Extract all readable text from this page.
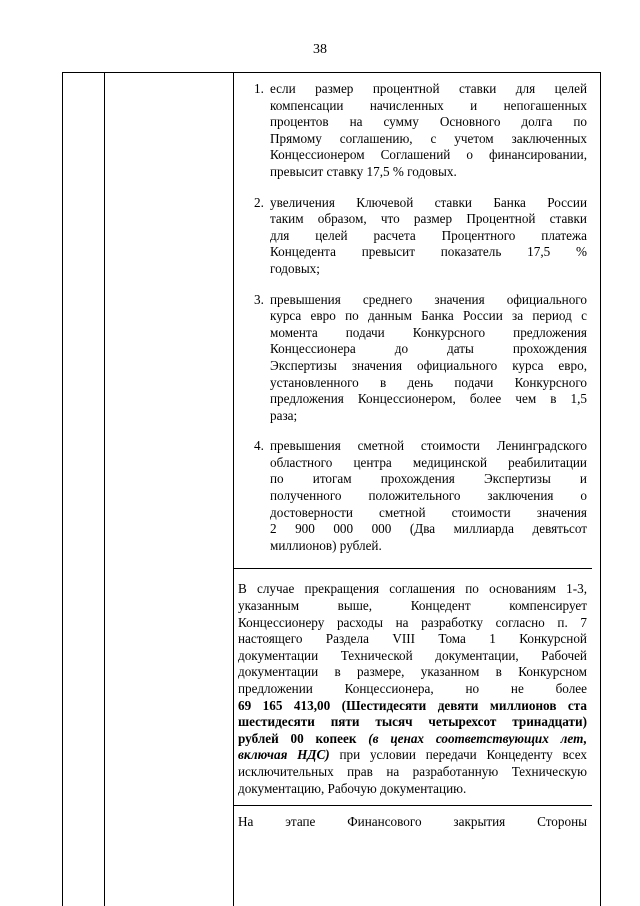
38
1. если размер процентной ставки для целей
компенсации начисленных и непогашенных
процентов на сумму Основного долга по
Прямому соглашению, с учетом заключенных
Концессионером Соглашений о финансировании,
превысит ставку 17,5 % годовых.
2. увеличения Ключевой ставки Банка России
таким образом, что размер Процентной ставки
для целей расчета Процентного платежа
Концедента превысит показатель 17,5 %
годовых;
3. превышения среднего значения официального
курса евро по данным Банка России за период с
момента подачи Конкурсного предложения
Концессионера до даты прохождения
Экспертизы значения официального курса евро,
установленного в день подачи Конкурсного
предложения Концессионером, более чем в 1,5
раза;
4. превышения сметной стоимости Ленинградского
областного центра медицинской реабилитации
по итогам прохождения Экспертизы и
полученного положительного заключения о
достоверности сметной стоимости значения
2 900 000 000 (Два миллиарда девятьсот
миллионов) рублей.
В случае прекращения соглашения по основаниям 1-3,
указанным выше, Концедент компенсирует
Концессионеру расходы на разработку согласно п. 7
настоящего Раздела VIII Тома 1 Конкурсной
документации Технической документации, Рабочей
документации в размере, указанном в Конкурсном
предложении Концессионера, но не более
69 165 413,00 (Шестидесяти девяти миллионов ста
шестидесяти пяти тысяч четырехсот тринадцати)
рублей 00 копеек (в ценах соответствующих лет,
включая НДС) при условии передачи Концеденту всех
исключительных прав на разработанную Техническую
документацию, Рабочую документацию.
На этапе Финансового закрытия Стороны
